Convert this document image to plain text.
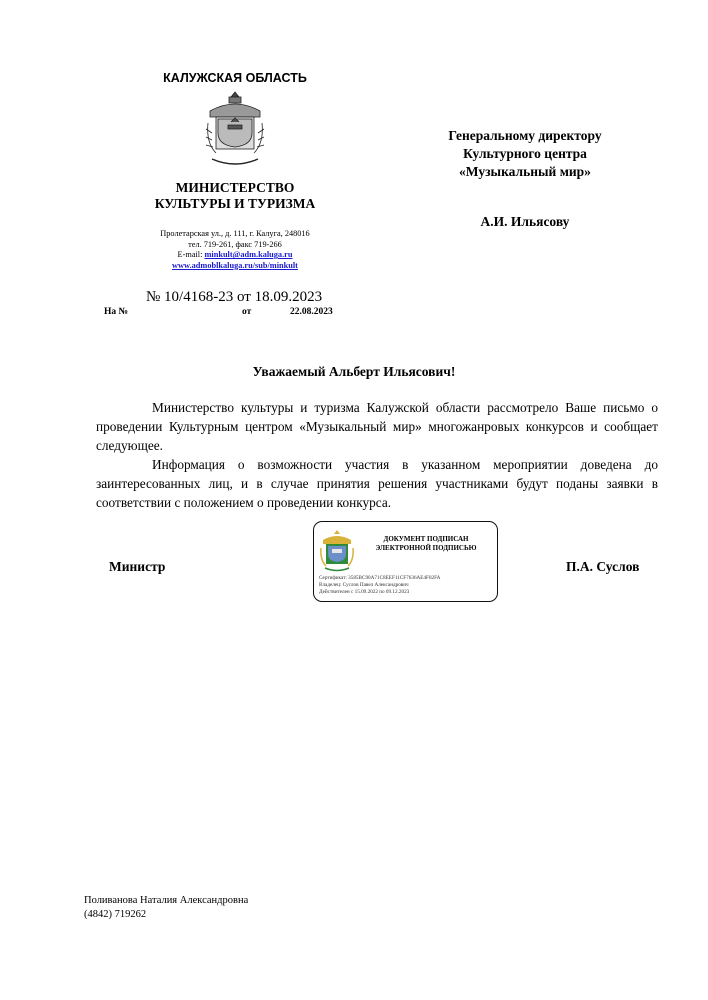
КАЛУЖСКАЯ ОБЛАСТЬ
МИНИСТЕРСТВО
КУЛЬТУРЫ И ТУРИЗМА
Пролетарская ул., д. 111, г. Калуга, 248016
тел. 719-261, факс 719-266
E-mail: minkult@adm.kaluga.ru
www.admoblkaluga.ru/sub/minkult
№ 10/4168-23 от 18.09.2023
На №	от	22.08.2023
Генеральному директору
Культурного центра
«Музыкальный мир»
А.И. Ильясову
Уважаемый Альберт Ильясович!

Министерство культуры и туризма Калужской области рассмотрело Ваше письмо о проведении Культурным центром «Музыкальный мир» многожанровых конкурсов и сообщает следующее.

Информация о возможности участия в указанном мероприятии доведена до заинтересованных лиц, и в случае принятия решения участниками будут поданы заявки в соответствии с положением о проведении конкурса.

Министр	П.А. Суслов
ДОКУМЕНТ ПОДПИСАН
ЭЛЕКТРОННОЙ ПОДПИСЬЮ
Сертификат: 3585BC90A71C8EEF11CF7636AE4F82FA
Владелец: Суслов Павел Александрович
Действителен с 15.09.2022 по 09.12.2023
Поливанова Наталия Александровна
(4842) 719262
